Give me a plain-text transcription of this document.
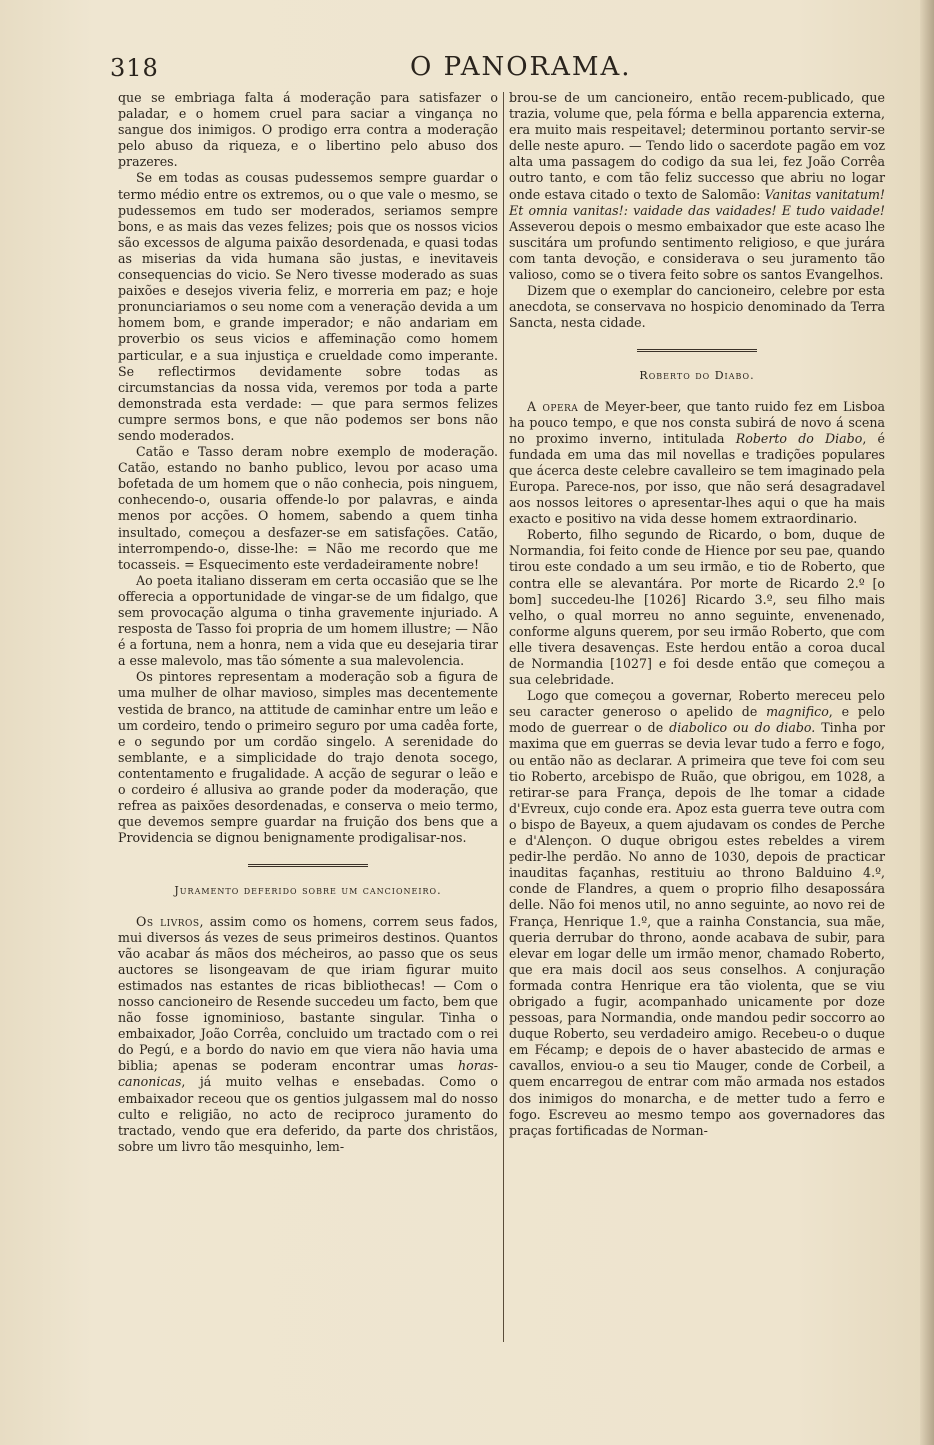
318	O PANORAMA.

que se embriaga falta á moderação para satisfazer o paladar, e o homem cruel para saciar a vingança no sangue dos inimigos. O prodigo erra contra a moderação pelo abuso da riqueza, e o libertino pelo abuso dos prazeres.

Se em todas as cousas pudessemos sempre guardar o termo médio entre os extremos, ou o que vale o mesmo, se pudessemos em tudo ser moderados, seriamos sempre bons, e as mais das vezes felizes; pois que os nossos vicios são excessos de alguma paixão desordenada, e quasi todas as miserias da vida humana são justas, e inevitaveis consequencias do vicio. Se Nero tivesse moderado as suas paixões e desejos viveria feliz, e morreria em paz; e hoje pronunciariamos o seu nome com a veneração devida a um homem bom, e grande imperador; e não andariam em proverbio os seus vicios e affeminação como homem particular, e a sua injustiça e crueldade como imperante. Se reflectirmos devidamente sobre todas as circumstancias da nossa vida, veremos por toda a parte demonstrada esta verdade: — que para sermos felizes cumpre sermos bons, e que não podemos ser bons não sendo moderados.

Catão e Tasso deram nobre exemplo de moderação. Catão, estando no banho publico, levou por acaso uma bofetada de um homem que o não conhecia, pois ninguem, conhecendo-o, ousaria offende-lo por palavras, e ainda menos por acções. O homem, sabendo a quem tinha insultado, começou a desfazer-se em satisfações. Catão, interrompendo-o, disse-lhe: = Não me recordo que me tocasseis. = Esquecimento este verdadeiramente nobre!

Ao poeta italiano disseram em certa occasião que se lhe offerecia a opportunidade de vingar-se de um fidalgo, que sem provocação alguma o tinha gravemente injuriado. A resposta de Tasso foi propria de um homem illustre; — Não é a fortuna, nem a honra, nem a vida que eu desejaria tirar a esse malevolo, mas tão sómente a sua malevolencia.

Os pintores representam a moderação sob a figura de uma mulher de olhar mavioso, simples mas decentemente vestida de branco, na attitude de caminhar entre um leão e um cordeiro, tendo o primeiro seguro por uma cadêa forte, e o segundo por um cordão singelo. A serenidade do semblante, e a simplicidade do trajo denota socego, contentamento e frugalidade. A acção de segurar o leão e o cordeiro é allusiva ao grande poder da moderação, que refrea as paixões desordenadas, e conserva o meio termo, que devemos sempre guardar na fruição dos bens que a Providencia se dignou benignamente prodigalisar-nos.

Juramento deferido sobre um cancioneiro.

Os livros, assim como os homens, correm seus fados, mui diversos ás vezes de seus primeiros destinos. Quantos vão acabar ás mãos dos mécheiros, ao passo que os seus auctores se lisongeavam de que iriam figurar muito estimados nas estantes de ricas bibliothecas! — Com o nosso cancioneiro de Resende succedeu um facto, bem que não fosse ignominioso, bastante singular. Tinha o embaixador, João Corrêa, concluido um tractado com o rei do Pegú, e a bordo do navio em que viera não havia uma biblia; apenas se poderam encontrar umas horas-canonicas, já muito velhas e ensebadas. Como o embaixador receou que os gentios julgassem mal do nosso culto e religião, no acto de reciproco juramento do tractado, vendo que era deferido, da parte dos christãos, sobre um livro tão mesquinho, lem-

brou-se de um cancioneiro, então recem-publicado, que trazia, volume que, pela fórma e bella apparencia externa, era muito mais respeitavel; determinou portanto servir-se delle neste apuro. — Tendo lido o sacerdote pagão em voz alta uma passagem do codigo da sua lei, fez João Corrêa outro tanto, e com tão feliz successo que abriu no logar onde estava citado o texto de Salomão: Vanitas vanitatum! Et omnia vanitas!: vaidade das vaidades! E tudo vaidade! Asseverou depois o mesmo embaixador que este acaso lhe suscitára um profundo sentimento religioso, e que jurára com tanta devoção, e considerava o seu juramento tão valioso, como se o tivera feito sobre os santos Evangelhos.

Dizem que o exemplar do cancioneiro, celebre por esta anecdota, se conservava no hospicio denominado da Terra Sancta, nesta cidade.

Roberto do Diabo.

A opera de Meyer-beer, que tanto ruido fez em Lisboa ha pouco tempo, e que nos consta subirá de novo á scena no proximo inverno, intitulada Roberto do Diabo, é fundada em uma das mil novellas e tradições populares que ácerca deste celebre cavalleiro se tem imaginado pela Europa. Parece-nos, por isso, que não será desagradavel aos nossos leitores o apresentar-lhes aqui o que ha mais exacto e positivo na vida desse homem extraordinario.

Roberto, filho segundo de Ricardo, o bom, duque de Normandia, foi feito conde de Hience por seu pae, quando tirou este condado a um seu irmão, e tio de Roberto, que contra elle se alevantára. Por morte de Ricardo 2.º [o bom] succedeu-lhe [1026] Ricardo 3.º, seu filho mais velho, o qual morreu no anno seguinte, envenenado, conforme alguns querem, por seu irmão Roberto, que com elle tivera desavenças. Este herdou então a coroa ducal de Normandia [1027] e foi desde então que começou a sua celebridade.

Logo que começou a governar, Roberto mereceu pelo seu caracter generoso o apelido de magnifico, e pelo modo de guerrear o de diabolico ou do diabo. Tinha por maxima que em guerras se devia levar tudo a ferro e fogo, ou então não as declarar. A primeira que teve foi com seu tio Roberto, arcebispo de Ruão, que obrigou, em 1028, a retirar-se para França, depois de lhe tomar a cidade d'Evreux, cujo conde era. Apoz esta guerra teve outra com o bispo de Bayeux, a quem ajudavam os condes de Perche e d'Alençon. O duque obrigou estes rebeldes a virem pedir-lhe perdão. No anno de 1030, depois de practicar inauditas façanhas, restituiu ao throno Balduino 4.º, conde de Flandres, a quem o proprio filho desapossára delle. Não foi menos util, no anno seguinte, ao novo rei de França, Henrique 1.º, que a rainha Constancia, sua mãe, queria derrubar do throno, aonde acabava de subir, para elevar em logar delle um irmão menor, chamado Roberto, que era mais docil aos seus conselhos. A conjuração formada contra Henrique era tão violenta, que se viu obrigado a fugir, acompanhado unicamente por doze pessoas, para Normandia, onde mandou pedir soccorro ao duque Roberto, seu verdadeiro amigo. Recebeu-o o duque em Fécamp; e depois de o haver abastecido de armas e cavallos, enviou-o a seu tio Mauger, conde de Corbeil, a quem encarregou de entrar com mão armada nos estados dos inimigos do monarcha, e de metter tudo a ferro e fogo. Escreveu ao mesmo tempo aos governadores das praças fortificadas de Norman-
